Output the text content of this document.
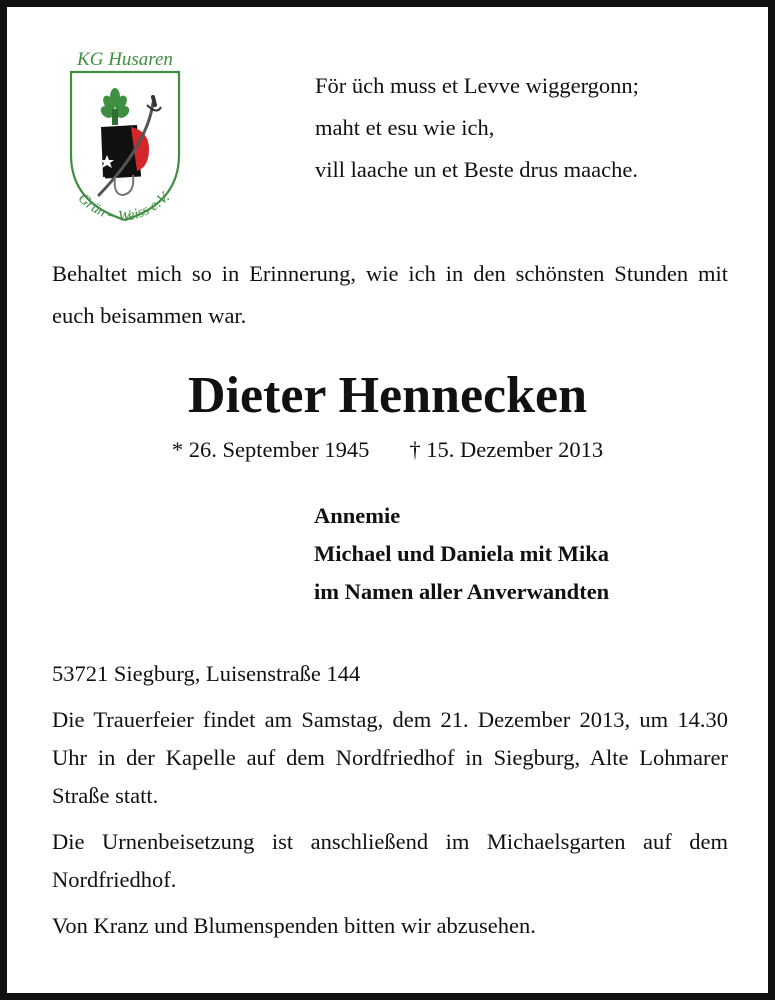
KG Husaren
Grün – Weiss e.V.
För üch muss et Levve wiggergonn;
maht et esu wie ich,
vill laache un et Beste drus maache.
Behaltet mich so in Erinnerung, wie ich in den schönsten Stunden mit euch beisammen war.
Dieter Hennecken
* 26. September 1945 † 15. Dezember 2013
Annemie
Michael und Daniela mit Mika
im Namen aller Anverwandten

53721 Siegburg, Luisenstraße 144

Die Trauerfeier findet am Samstag, dem 21. Dezember 2013, um 14.30 Uhr in der Kapelle auf dem Nordfriedhof in Siegburg, Alte Lohmarer Straße statt.

Die Urnenbeisetzung ist anschließend im Michaelsgarten auf dem Nordfriedhof.

Von Kranz und Blumenspenden bitten wir abzusehen.
